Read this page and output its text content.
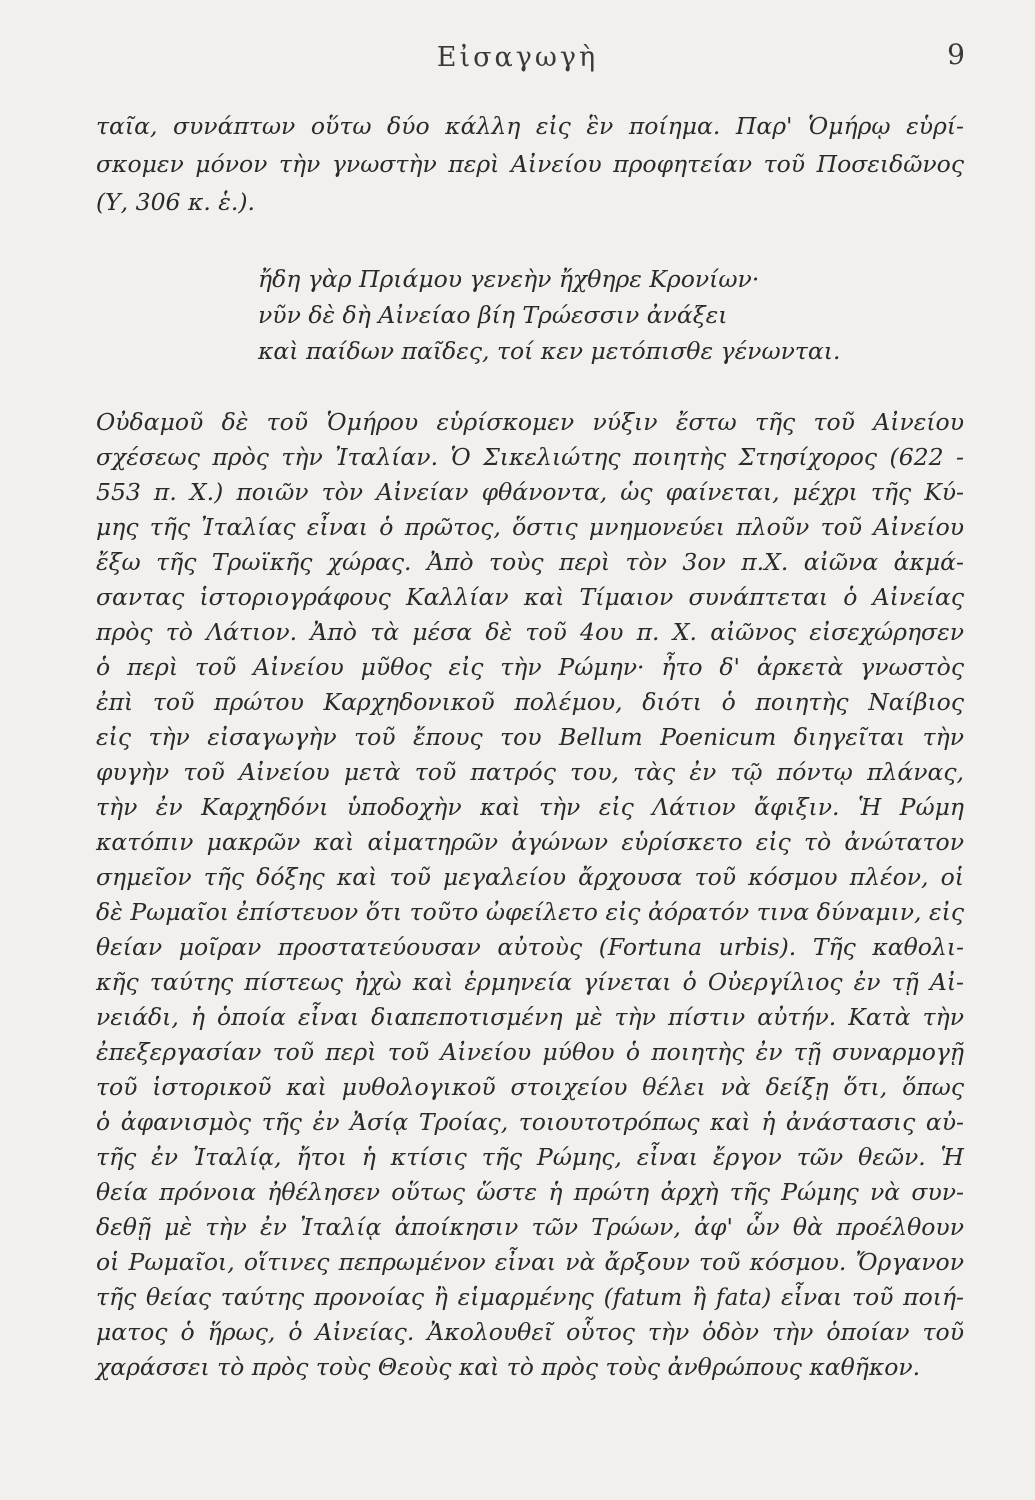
Εἰσαγωγὴ	9
ταῖα, συνάπτων οὕτω δύο κάλλη εἰς ἓν ποίημα. Παρ' Ὁμήρῳ εὑρί-
σκομεν μόνον τὴν γνωστὴν περὶ Αἰνείου προφητείαν τοῦ Ποσειδῶνος
(Υ, 306 κ. ἑ.).
ἤδη γὰρ Πριάμου γενεὴν ἤχθηρε Κρονίων·
νῦν δὲ δὴ Αἰνείαο βίη Τρώεσσιν ἀνάξει
καὶ παίδων παῖδες, τοί κεν μετόπισθε γένωνται.
Οὐδαμοῦ δὲ τοῦ Ὁμήρου εὑρίσκομεν νύξιν ἔστω τῆς τοῦ Αἰνείου
σχέσεως πρὸς τὴν Ἰταλίαν. Ὁ Σικελιώτης ποιητὴς Στησίχορος (622 -
553 π. Χ.) ποιῶν τὸν Αἰνείαν φθάνοντα, ὡς φαίνεται, μέχρι τῆς Κύ-
μης τῆς Ἰταλίας εἶναι ὁ πρῶτος, ὅστις μνημονεύει πλοῦν τοῦ Αἰνείου
ἔξω τῆς Τρωϊκῆς χώρας. Ἀπὸ τοὺς περὶ τὸν 3ον π.Χ. αἰῶνα ἀκμά-
σαντας ἱστοριογράφους Καλλίαν καὶ Τίμαιον συνάπτεται ὁ Αἰνείας
πρὸς τὸ Λάτιον. Ἀπὸ τὰ μέσα δὲ τοῦ 4ου π. Χ. αἰῶνος εἰσεχώρησεν
ὁ περὶ τοῦ Αἰνείου μῦθος εἰς τὴν Ρώμην· ἦτο δ' ἀρκετὰ γνωστὸς
ἐπὶ τοῦ πρώτου Καρχηδονικοῦ πολέμου, διότι ὁ ποιητὴς Ναίβιος
εἰς τὴν εἰσαγωγὴν τοῦ ἔπους του Bellum Poenicum διηγεῖται τὴν
φυγὴν τοῦ Αἰνείου μετὰ τοῦ πατρός του, τὰς ἐν τῷ πόντῳ πλάνας,
τὴν ἐν Καρχηδόνι ὑποδοχὴν καὶ τὴν εἰς Λάτιον ἄφιξιν. Ἡ Ρώμη
κατόπιν μακρῶν καὶ αἱματηρῶν ἀγώνων εὑρίσκετο εἰς τὸ ἀνώτατον
σημεῖον τῆς δόξης καὶ τοῦ μεγαλείου ἄρχουσα τοῦ κόσμου πλέον, οἱ
δὲ Ρωμαῖοι ἐπίστευον ὅτι τοῦτο ὠφείλετο εἰς ἀόρατόν τινα δύναμιν, εἰς
θείαν μοῖραν προστατεύουσαν αὐτοὺς (Fortuna urbis). Τῆς καθολι-
κῆς ταύτης πίστεως ἠχὼ καὶ ἑρμηνεία γίνεται ὁ Οὐεργίλιος ἐν τῇ Αἰ-
νειάδι, ἡ ὁποία εἶναι διαπεποτισμένη μὲ τὴν πίστιν αὐτήν. Κατὰ τὴν
ἐπεξεργασίαν τοῦ περὶ τοῦ Αἰνείου μύθου ὁ ποιητὴς ἐν τῇ συναρμογῇ
τοῦ ἱστορικοῦ καὶ μυθολογικοῦ στοιχείου θέλει νὰ δείξῃ ὅτι, ὅπως
ὁ ἀφανισμὸς τῆς ἐν Ἀσίᾳ Τροίας, τοιουτοτρόπως καὶ ἡ ἀνάστασις αὐ-
τῆς ἐν Ἰταλίᾳ, ἤτοι ἡ κτίσις τῆς Ρώμης, εἶναι ἔργον τῶν θεῶν. Ἡ
θεία πρόνοια ἠθέλησεν οὕτως ὥστε ἡ πρώτη ἀρχὴ τῆς Ρώμης νὰ συν-
δεθῇ μὲ τὴν ἐν Ἰταλίᾳ ἀποίκησιν τῶν Τρώων, ἀφ' ὧν θὰ προέλθουν
οἱ Ρωμαῖοι, οἵτινες πεπρωμένον εἶναι νὰ ἄρξουν τοῦ κόσμου. Ὄργανον
τῆς θείας ταύτης προνοίας ἢ εἱμαρμένης (fatum ἢ fata) εἶναι τοῦ ποιή-
ματος ὁ ἥρως, ὁ Αἰνείας. Ἀκολουθεῖ οὗτος τὴν ὁδὸν τὴν ὁποίαν τοῦ
χαράσσει τὸ πρὸς τοὺς Θεοὺς καὶ τὸ πρὸς τοὺς ἀνθρώπους καθῆκον.
